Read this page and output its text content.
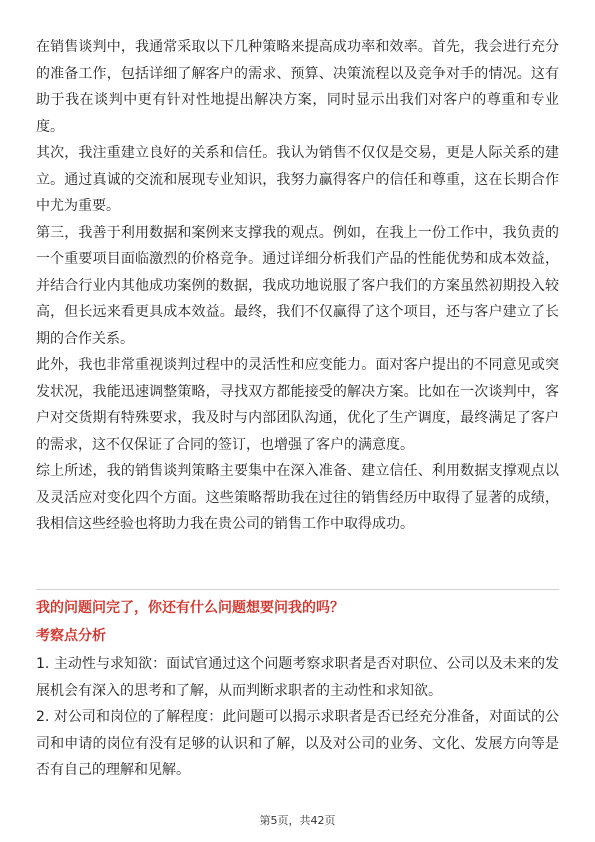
在销售谈判中，我通常采取以下几种策略来提高成功率和效率。首先，我会进行充分的准备工作，包括详细了解客户的需求、预算、决策流程以及竞争对手的情况。这有助于我在谈判中更有针对性地提出解决方案，同时显示出我们对客户的尊重和专业度。

其次，我注重建立良好的关系和信任。我认为销售不仅仅是交易，更是人际关系的建立。通过真诚的交流和展现专业知识，我努力赢得客户的信任和尊重，这在长期合作中尤为重要。

第三，我善于利用数据和案例来支撑我的观点。例如，在我上一份工作中，我负责的一个重要项目面临激烈的价格竞争。通过详细分析我们产品的性能优势和成本效益，并结合行业内其他成功案例的数据，我成功地说服了客户我们的方案虽然初期投入较高，但长远来看更具成本效益。最终，我们不仅赢得了这个项目，还与客户建立了长期的合作关系。

此外，我也非常重视谈判过程中的灵活性和应变能力。面对客户提出的不同意见或突发状况，我能迅速调整策略，寻找双方都能接受的解决方案。比如在一次谈判中，客户对交货期有特殊要求，我及时与内部团队沟通，优化了生产调度，最终满足了客户的需求，这不仅保证了合同的签订，也增强了客户的满意度。

综上所述，我的销售谈判策略主要集中在深入准备、建立信任、利用数据支撑观点以及灵活应对变化四个方面。这些策略帮助我在过往的销售经历中取得了显著的成绩，我相信这些经验也将助力我在贵公司的销售工作中取得成功。

我的问题问完了，你还有什么问题想要问我的吗？

考察点分析

1. 主动性与求知欲：面试官通过这个问题考察求职者是否对职位、公司以及未来的发展机会有深入的思考和了解，从而判断求职者的主动性和求知欲。

2. 对公司和岗位的了解程度：此问题可以揭示求职者是否已经充分准备，对面试的公司和申请的岗位有没有足够的认识和了解，以及对公司的业务、文化、发展方向等是否有自己的理解和见解。

第5页，共42页
